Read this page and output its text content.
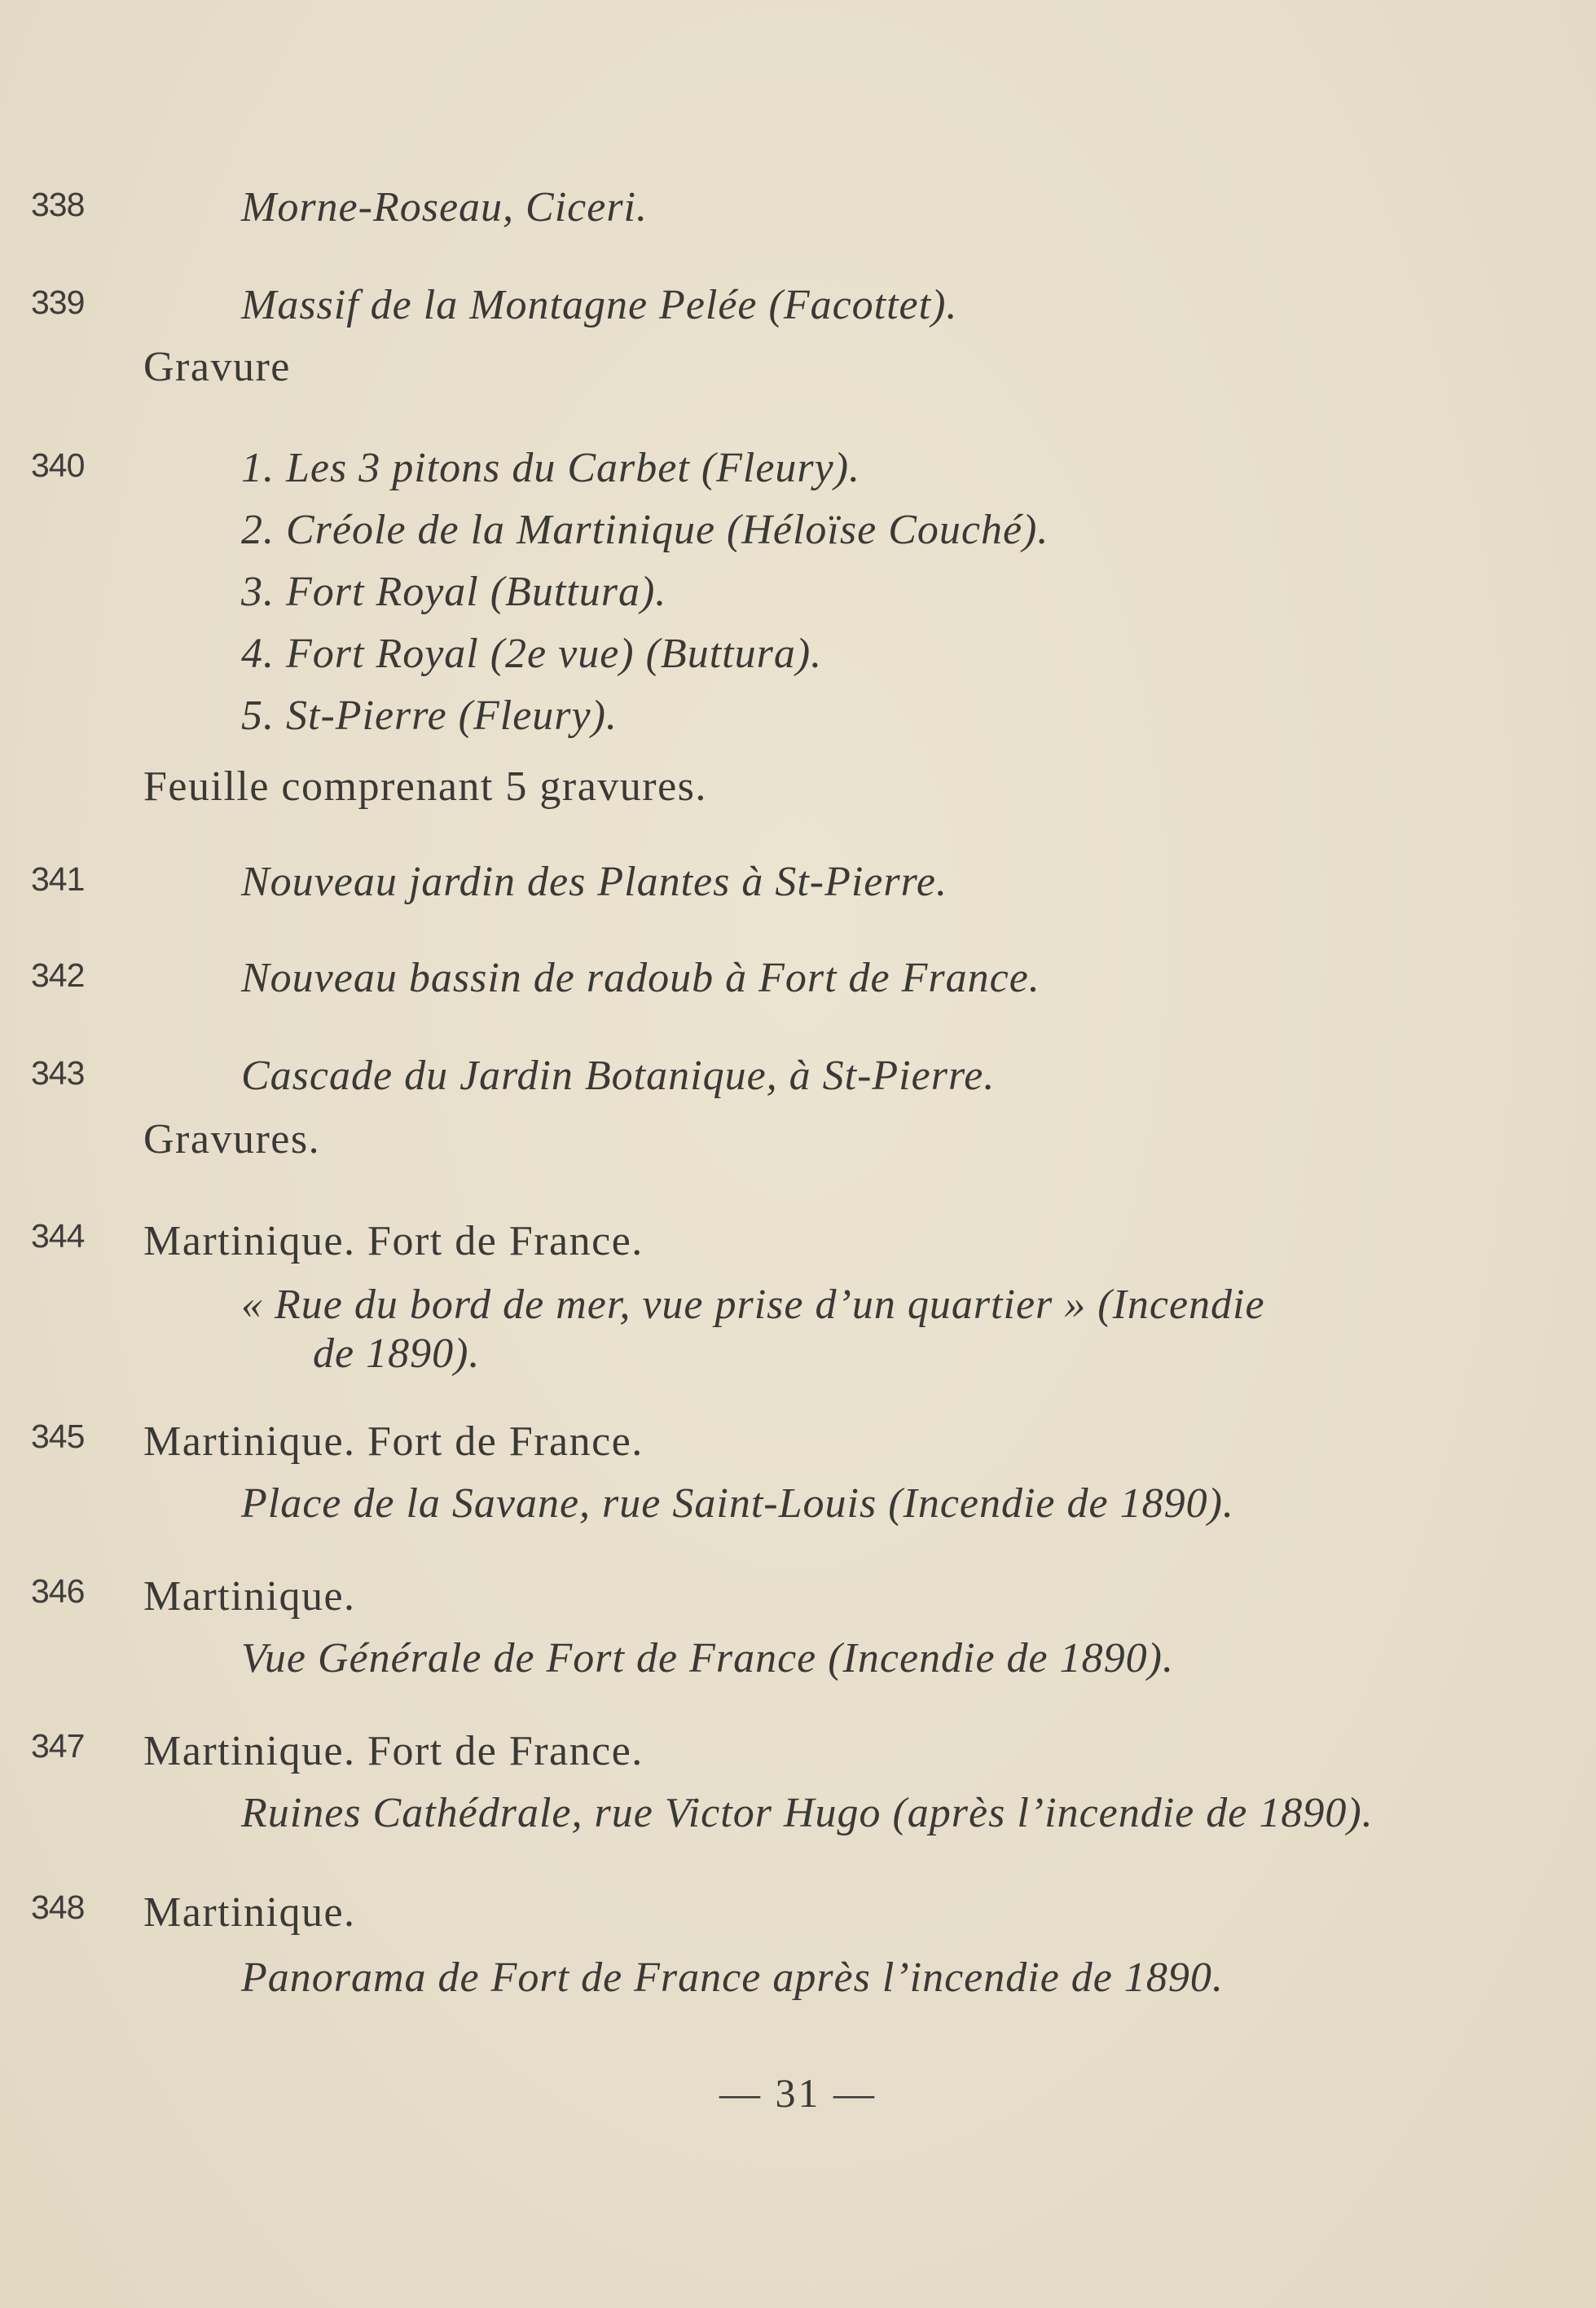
338	Morne-Roseau, Ciceri.
339	Massif de la Montagne Pelée (Facottet).
Gravure
340	1. Les 3 pitons du Carbet (Fleury).
2. Créole de la Martinique (Héloïse Couché).
3. Fort Royal (Buttura).
4. Fort Royal (2e vue) (Buttura).
5. St-Pierre (Fleury).
Feuille comprenant 5 gravures.
341	Nouveau jardin des Plantes à St-Pierre.
342	Nouveau bassin de radoub à Fort de France.
343	Cascade du Jardin Botanique, à St-Pierre.
Gravures.
344 Martinique. Fort de France.
« Rue du bord de mer, vue prise d’un quartier » (Incendie
de 1890).
345 Martinique. Fort de France.
Place de la Savane, rue Saint-Louis (Incendie de 1890).
346 Martinique.
Vue Générale de Fort de France (Incendie de 1890).
347 Martinique. Fort de France.
Ruines Cathédrale, rue Victor Hugo (après l’incendie de 1890).
348 Martinique.
Panorama de Fort de France après l’incendie de 1890.
— 31 —
